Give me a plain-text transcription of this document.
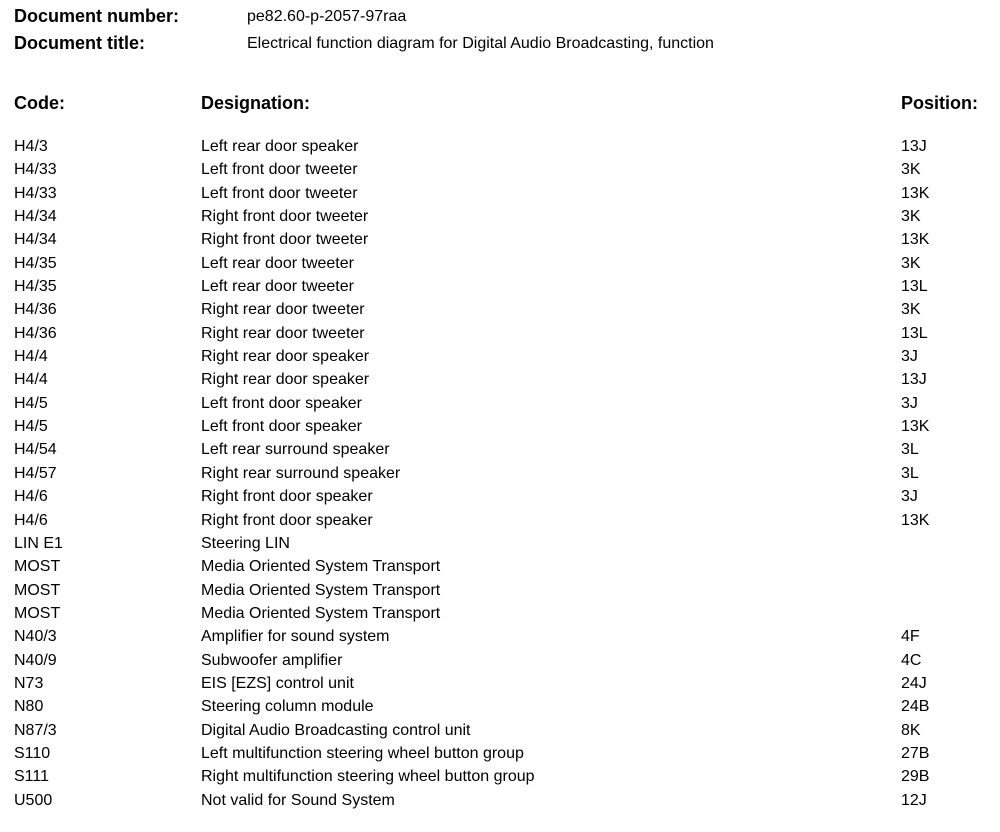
Document number:	pe82.60-p-2057-97raa
Document title:	Electrical function diagram for Digital Audio Broadcasting, function
Code:	Designation:	Position:
H4/3	Left rear door speaker	13J
H4/33	Left front door tweeter	3K
H4/33	Left front door tweeter	13K
H4/34	Right front door tweeter	3K
H4/34	Right front door tweeter	13K
H4/35	Left rear door tweeter	3K
H4/35	Left rear door tweeter	13L
H4/36	Right rear door tweeter	3K
H4/36	Right rear door tweeter	13L
H4/4	Right rear door speaker	3J
H4/4	Right rear door speaker	13J
H4/5	Left front door speaker	3J
H4/5	Left front door speaker	13K
H4/54	Left rear surround speaker	3L
H4/57	Right rear surround speaker	3L
H4/6	Right front door speaker	3J
H4/6	Right front door speaker	13K
LIN E1	Steering LIN
MOST	Media Oriented System Transport
MOST	Media Oriented System Transport
MOST	Media Oriented System Transport
N40/3	Amplifier for sound system	4F
N40/9	Subwoofer amplifier	4C
N73	EIS [EZS] control unit	24J
N80	Steering column module	24B
N87/3	Digital Audio Broadcasting control unit	8K
S110	Left multifunction steering wheel button group	27B
S111	Right multifunction steering wheel button group	29B
U500	Not valid for Sound System	12J
